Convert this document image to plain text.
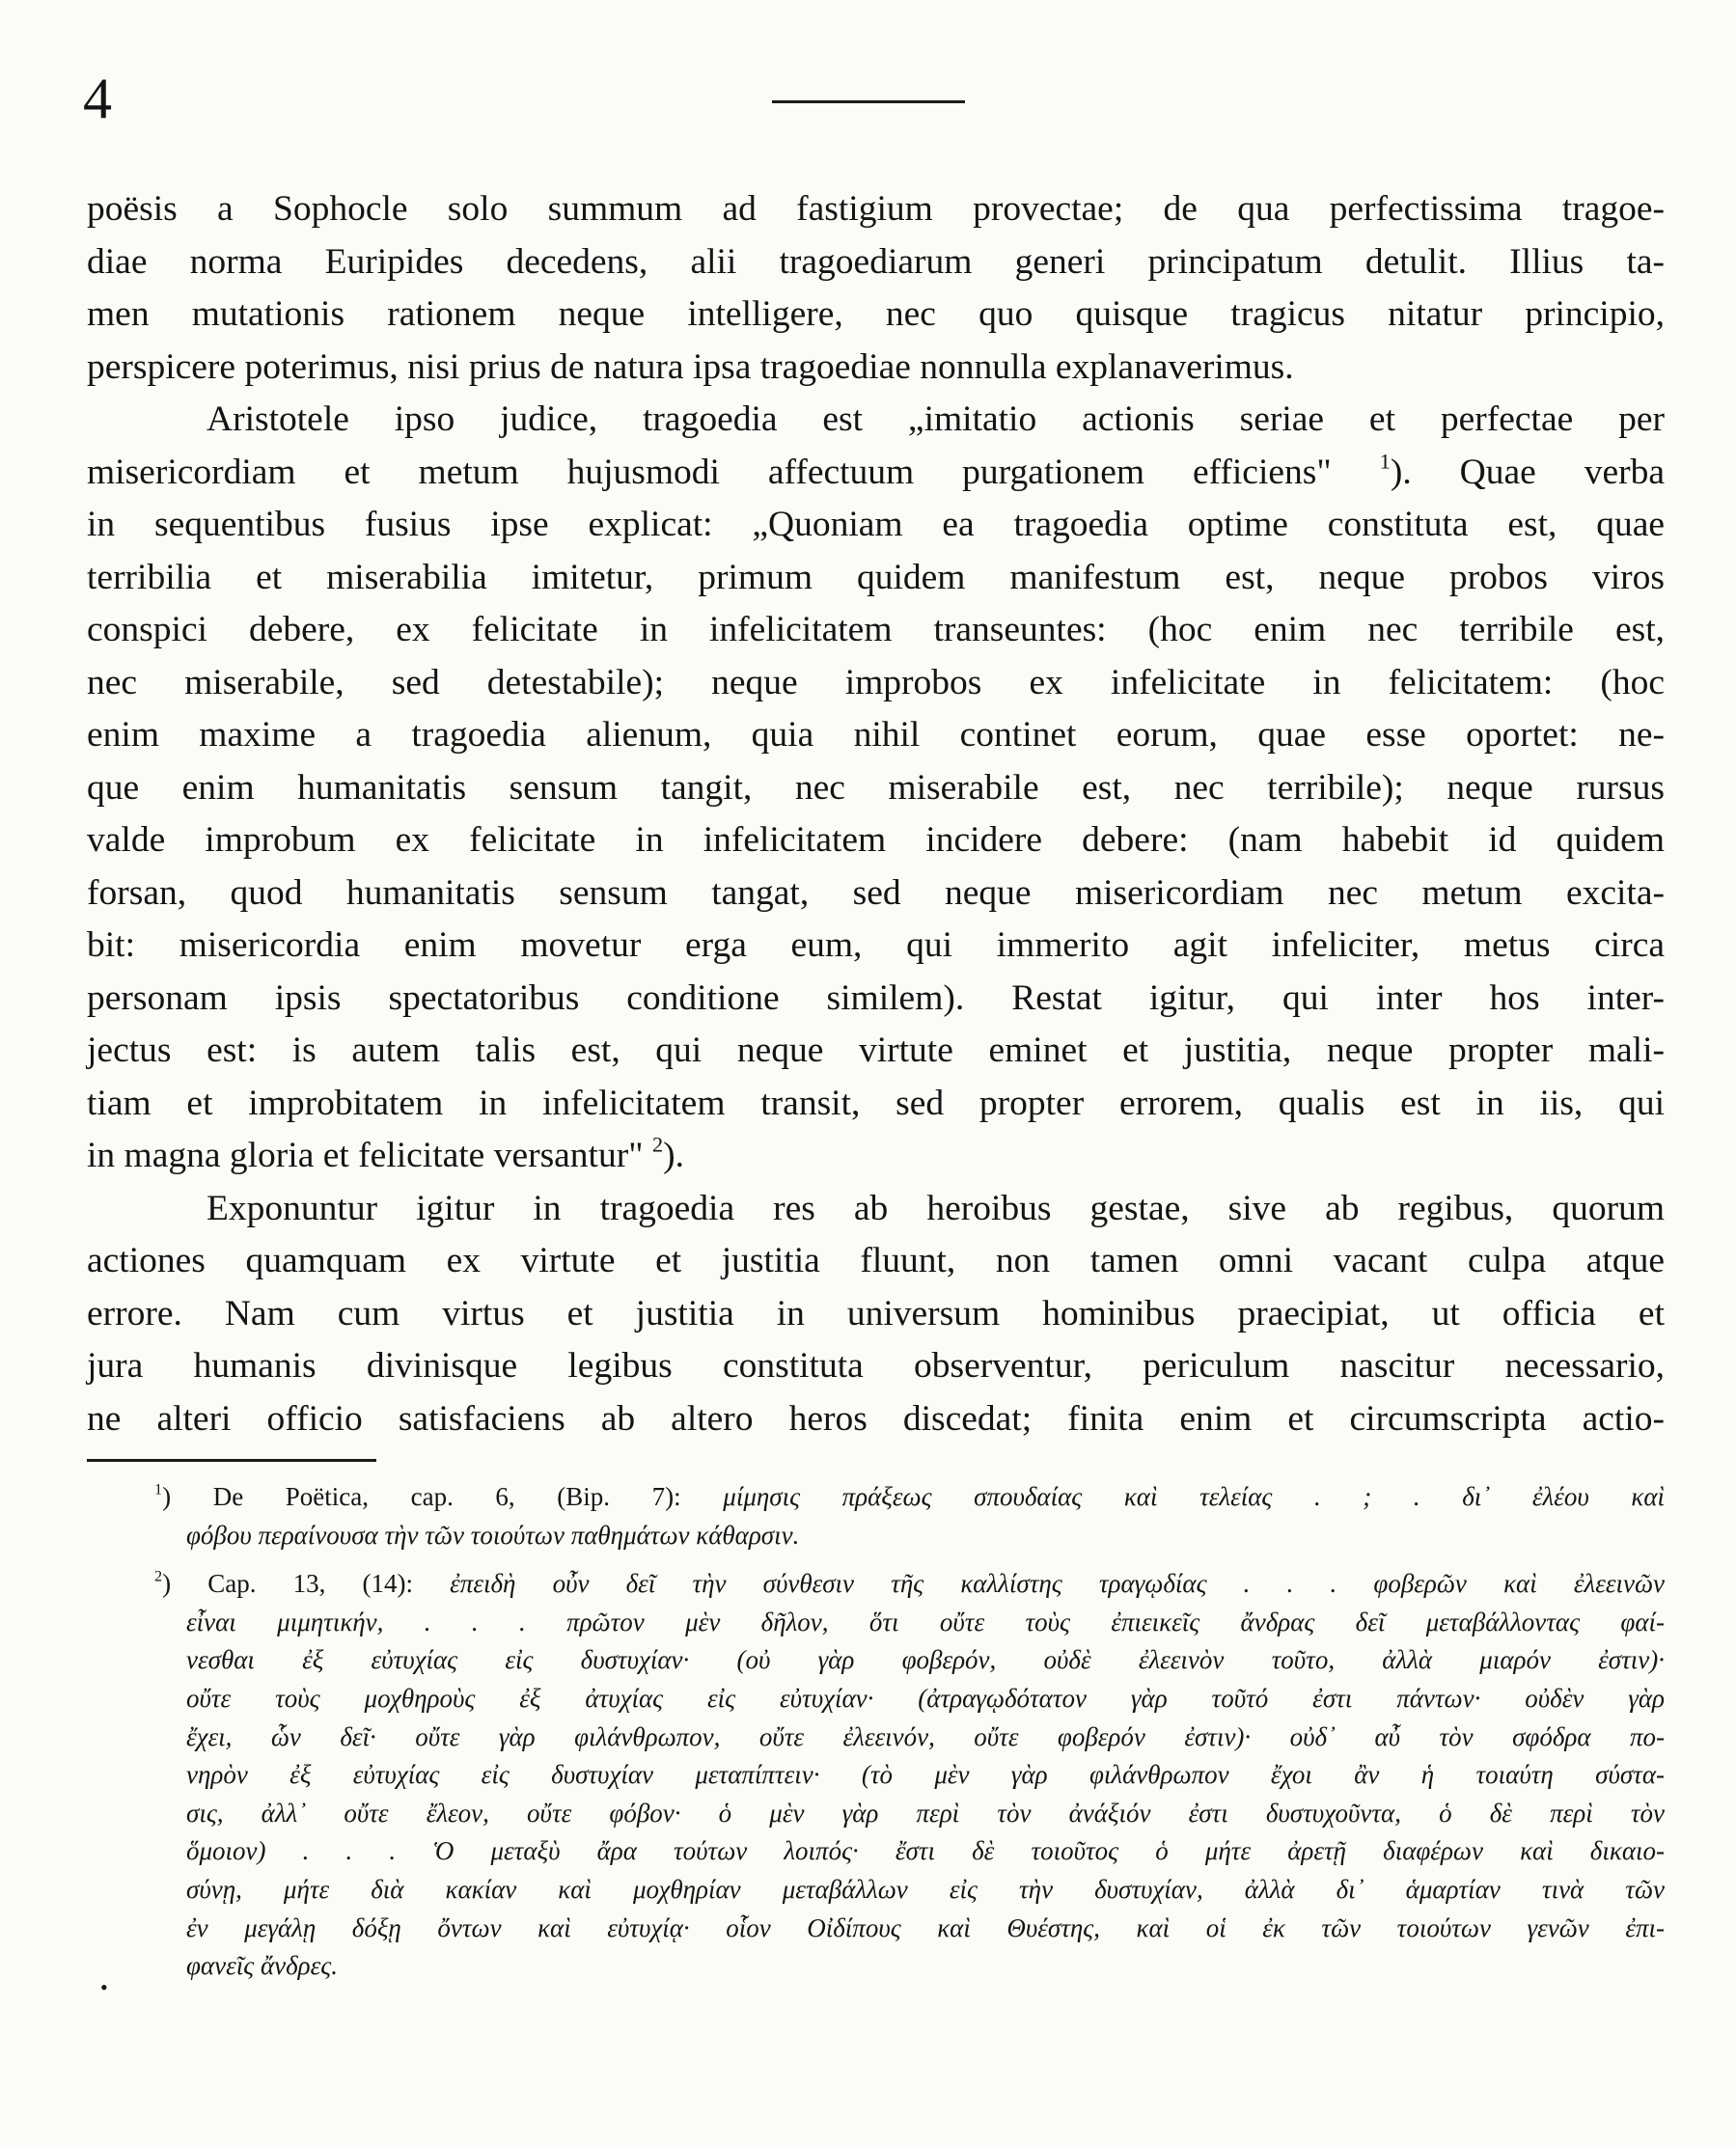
4
poësis a Sophocle solo summum ad fastigium provectae; de qua perfectissima tragoe-
diae norma Euripides decedens, alii tragoediarum generi principatum detulit. Illius ta-
men mutationis rationem neque intelligere, nec quo quisque tragicus nitatur principio,
perspicere poterimus, nisi prius de natura ipsa tragoediae nonnulla explanaverimus.
Aristotele ipso judice, tragoedia est „imitatio actionis seriae et perfectae per
misericordiam et metum hujusmodi affectuum purgationem efficiens" $^1$). Quae verba
in sequentibus fusius ipse explicat: „Quoniam ea tragoedia optime constituta est, quae
terribilia et miserabilia imitetur, primum quidem manifestum est, neque probos viros
conspici debere, ex felicitate in infelicitatem transeuntes: (hoc enim nec terribile est,
nec miserabile, sed detestabile); neque improbos ex infelicitate in felicitatem: (hoc
enim maxime a tragoedia alienum, quia nihil continet eorum, quae esse oportet: ne-
que enim humanitatis sensum tangit, nec miserabile est, nec terribile); neque rursus
valde improbum ex felicitate in infelicitatem incidere debere: (nam habebit id quidem
forsan, quod humanitatis sensum tangat, sed neque misericordiam nec metum excita-
bit: misericordia enim movetur erga eum, qui immerito agit infeliciter, metus circa
personam ipsis spectatoribus conditione similem). Restat igitur, qui inter hos inter-
jectus est: is autem talis est, qui neque virtute eminet et justitia, neque propter mali-
tiam et improbitatem in infelicitatem transit, sed propter errorem, qualis est in iis, qui
in magna gloria et felicitate versantur" $^2$).
Exponuntur igitur in tragoedia res ab heroibus gestae, sive ab regibus, quorum
actiones quamquam ex virtute et justitia fluunt, non tamen omni vacant culpa atque
errore. Nam cum virtus et justitia in universum hominibus praecipiat, ut officia et
jura humanis divinisque legibus constituta observentur, periculum nascitur necessario,
ne alteri officio satisfaciens ab altero heros discedat; finita enim et circumscripta actio-
$^1$) De Poëtica, cap. 6, (Bip. 7): μίμησις πράξεως σπουδαίας καὶ τελείας . ; . δι᾽ ἐλέου καὶ
φόβου περαίνουσα τὴν τῶν τοιούτων παθημάτων κάθαρσιν.
$^2$) Cap. 13, (14): ἐπειδὴ οὖν δεῖ τὴν σύνθεσιν τῆς καλλίστης τραγῳδίας . . . φοβερῶν καὶ ἐλεεινῶν
εἶναι μιμητικήν, . . . πρῶτον μὲν δῆλον, ὅτι οὔτε τοὺς ἐπιεικεῖς ἄνδρας δεῖ μεταβάλλοντας φαί-
νεσθαι ἐξ εὐτυχίας εἰς δυστυχίαν· (οὐ γὰρ φοβερόν, οὐδὲ ἐλεεινὸν τοῦτο, ἀλλὰ μιαρόν ἐστιν)·
οὔτε τοὺς μοχθηροὺς ἐξ ἀτυχίας εἰς εὐτυχίαν· (ἀτραγῳδότατον γὰρ τοῦτό ἐστι πάντων· οὐδὲν γὰρ
ἔχει, ὧν δεῖ· οὔτε γὰρ φιλάνθρωπον, οὔτε ἐλεεινόν, οὔτε φοβερόν ἐστιν)· οὐδ᾽ αὖ τὸν σφόδρα πο-
νηρὸν ἐξ εὐτυχίας εἰς δυστυχίαν μεταπίπτειν· (τὸ μὲν γὰρ φιλάνθρωπον ἔχοι ἂν ἡ τοιαύτη σύστα-
σις, ἀλλ᾽ οὔτε ἔλεον, οὔτε φόβον· ὁ μὲν γὰρ περὶ τὸν ἀνάξιόν ἐστι δυστυχοῦντα, ὁ δὲ περὶ τὸν
ὅμοιον) . . . Ὁ μεταξὺ ἄρα τούτων λοιπός· ἔστι δὲ τοιοῦτος ὁ μήτε ἀρετῇ διαφέρων καὶ δικαιο-
σύνῃ, μήτε διὰ κακίαν καὶ μοχθηρίαν μεταβάλλων εἰς τὴν δυστυχίαν, ἀλλὰ δι᾽ ἁμαρτίαν τινὰ τῶν
ἐν μεγάλῃ δόξῃ ὄντων καὶ εὐτυχίᾳ· οἷον Οἰδίπους καὶ Θυέστης, καὶ οἱ ἐκ τῶν τοιούτων γενῶν ἐπι-
φανεῖς ἄνδρες.
•
